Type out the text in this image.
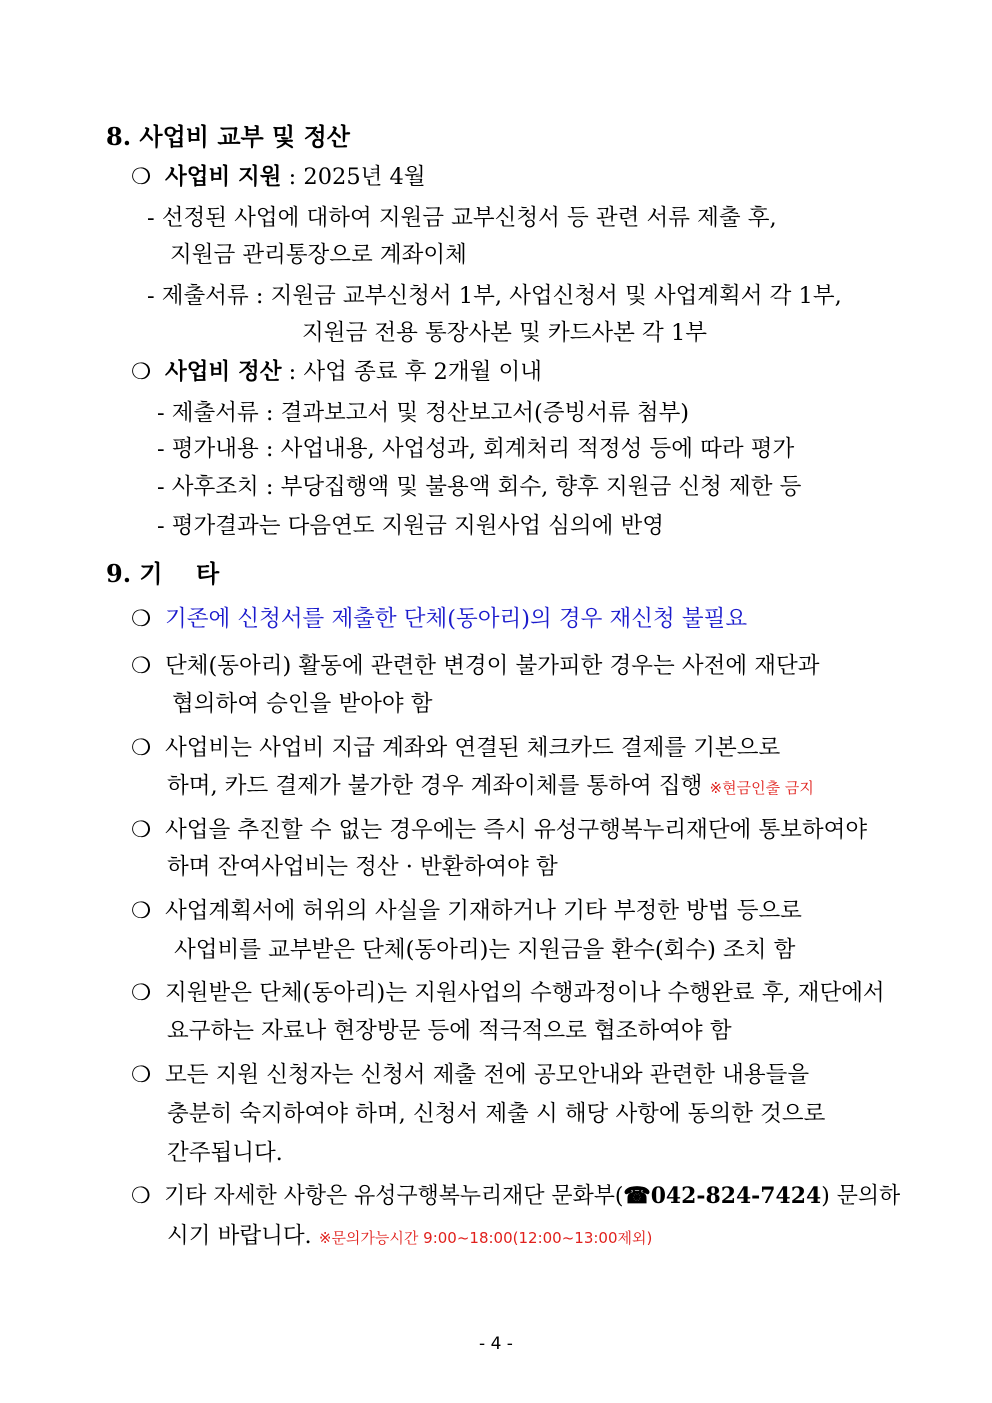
8. 사업비 교부 및 정산
❍ 사업비 지원 : 2025년 4월
- 선정된 사업에 대하여 지원금 교부신청서 등 관련 서류 제출 후,
지원금 관리통장으로 계좌이체
- 제출서류 : 지원금 교부신청서 1부, 사업신청서 및 사업계획서 각 1부,
지원금 전용 통장사본 및 카드사본 각 1부
❍ 사업비 정산 : 사업 종료 후 2개월 이내
- 제출서류 : 결과보고서 및 정산보고서(증빙서류 첨부)
- 평가내용 : 사업내용, 사업성과, 회계처리 적정성 등에 따라 평가
- 사후조치 : 부당집행액 및 불용액 회수, 향후 지원금 신청 제한 등
- 평가결과는 다음연도 지원금 지원사업 심의에 반영
9. 기    타
❍ 기존에 신청서를 제출한 단체(동아리)의 경우 재신청 불필요
❍ 단체(동아리) 활동에 관련한 변경이 불가피한 경우는 사전에 재단과
협의하여 승인을 받아야 함
❍ 사업비는 사업비 지급 계좌와 연결된 체크카드 결제를 기본으로
하며, 카드 결제가 불가한 경우 계좌이체를 통하여 집행 ※현금인출 금지
❍ 사업을 추진할 수 없는 경우에는 즉시 유성구행복누리재단에 통보하여야
하며 잔여사업비는 정산 · 반환하여야 함
❍ 사업계획서에 허위의 사실을 기재하거나 기타 부정한 방법 등으로
사업비를 교부받은 단체(동아리)는 지원금을 환수(회수) 조치 함
❍ 지원받은 단체(동아리)는 지원사업의 수행과정이나 수행완료 후, 재단에서
요구하는 자료나 현장방문 등에 적극적으로 협조하여야 함
❍ 모든 지원 신청자는 신청서 제출 전에 공모안내와 관련한 내용들을
충분히 숙지하여야 하며, 신청서 제출 시 해당 사항에 동의한 것으로
간주됩니다.
❍ 기타 자세한 사항은 유성구행복누리재단 문화부(☎042-824-7424) 문의하
시기 바랍니다. ※문의가능시간 9:00~18:00(12:00~13:00제외)
- 4 -
